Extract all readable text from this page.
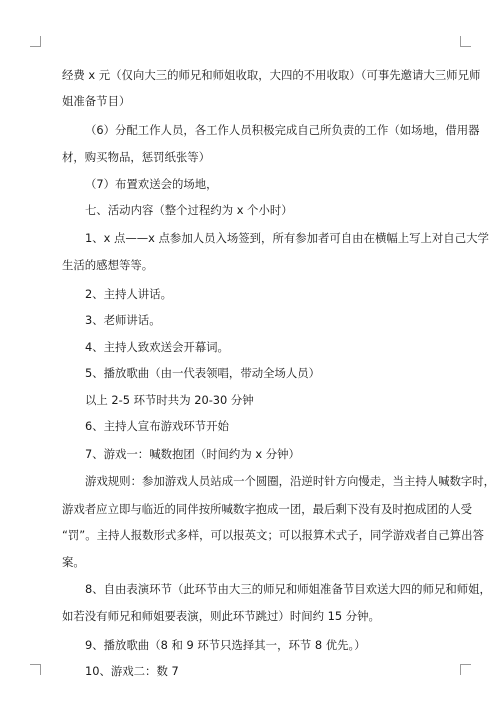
经费 x 元（仅向大三的师兄和师姐收取，大四的不用收取）（可事先邀请大三师兄师
姐准备节目）
（6）分配工作人员，各工作人员积极完成自己所负责的工作（如场地，借用器
材，购买物品，惩罚纸张等）
（7）布置欢送会的场地，
七、活动内容（整个过程约为 x 个小时）
1、x 点——x 点参加人员入场签到，所有参加者可自由在横幅上写上对自己大学
生活的感想等等。
2、主持人讲话。
3、老师讲话。
4、主持人致欢送会开幕词。
5、播放歌曲（由一代表领唱，带动全场人员）
以上 2-5 环节时共为 20-30 分钟
6、主持人宣布游戏环节开始
7、游戏一：喊数抱团（时间约为 x 分钟）
游戏规则：参加游戏人员站成一个圆圈，沿逆时针方向慢走，当主持人喊数字时，
游戏者应立即与临近的同伴按所喊数字抱成一团，最后剩下没有及时抱成团的人受
“罚”。主持人报数形式多样，可以报英文；可以报算术式子，同学游戏者自己算出答
案。
8、自由表演环节（此环节由大三的师兄和师姐准备节目欢送大四的师兄和师姐，
如若没有师兄和师姐要表演，则此环节跳过）时间约 15 分钟。
9、播放歌曲（8 和 9 环节只选择其一，环节 8 优先。）
10、游戏二：数 7
